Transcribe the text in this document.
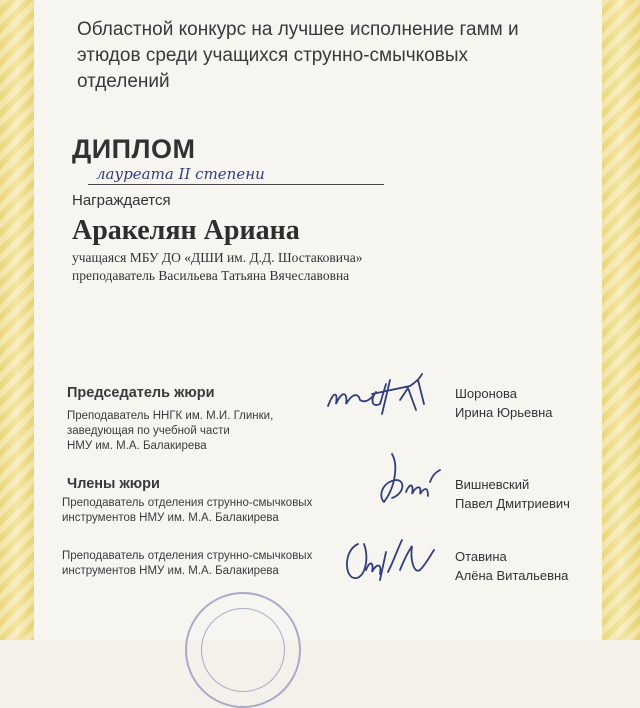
Областной конкурс на лучшее исполнение гамм и
этюдов среди учащихся струнно-смычковых
отделений
ДИПЛОМ
лауреата II степени
Награждается
Аракелян Ариана
учащаяся МБУ ДО «ДШИ им. Д.Д. Шостаковича»
преподаватель Васильева Татьяна Вячеславовна
Председатель жюри
Преподаватель ННГК им. М.И. Глинки,
заведующая по учебной части
НМУ им. М.А. Балакирева
Шоронова
Ирина Юрьевна
Члены жюри
Преподаватель отделения струнно-смычковых
инструментов НМУ им. М.А. Балакирева
Вишневский
Павел Дмитриевич
Преподаватель отделения струнно-смычковых
инструментов НМУ им. М.А. Балакирева
Отавина
Алёна Витальевна
